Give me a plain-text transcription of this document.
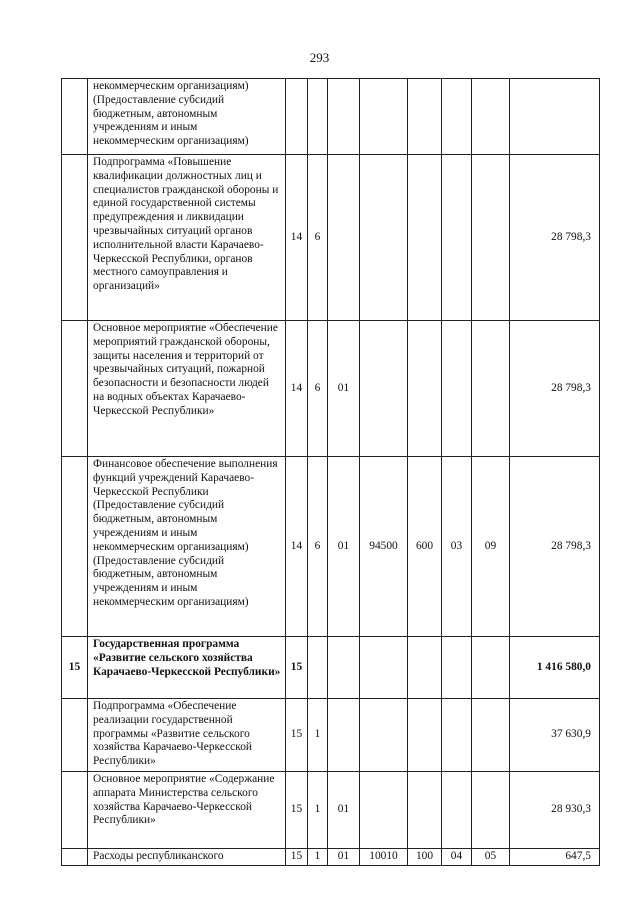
293
	некоммерческим организациям) (Предоставление субсидий бюджетным, автономным учреждениям и иным некоммерческим организациям)								
	Подпрограмма «Повышение квалификации должностных лиц и специалистов гражданской обороны и единой государственной системы предупреждения и ликвидации чрезвычайных ситуаций органов исполнительной власти Карачаево-Черкесской Республики, органов местного самоуправления и организаций»	14	6						28 798,3
	Основное мероприятие «Обеспечение мероприятий гражданской обороны, защиты населения и территорий от чрезвычайных ситуаций, пожарной безопасности и безопасности людей на водных объектах Карачаево-Черкесской Республики»	14	6	01					28 798,3
	Финансовое обеспечение выполнения функций учреждений Карачаево-Черкесской Республики (Предоставление субсидий бюджетным, автономным учреждениям и иным некоммерческим организациям) (Предоставление субсидий бюджетным, автономным учреждениям и иным некоммерческим организациям)	14	6	01	94500	600	03	09	28 798,3
15	Государственная программа «Развитие сельского хозяйства Карачаево-Черкесской Республики»	15							1 416 580,0
	Подпрограмма «Обеспечение реализации государственной программы «Развитие сельского хозяйства Карачаево-Черкесской Республики»	15	1						37 630,9
	Основное мероприятие «Содержание аппарата Министерства сельского хозяйства Карачаево-Черкесской Республики»	15	1	01					28 930,3
	Расходы республиканского	15	1	01	10010	100	04	05	647,5
